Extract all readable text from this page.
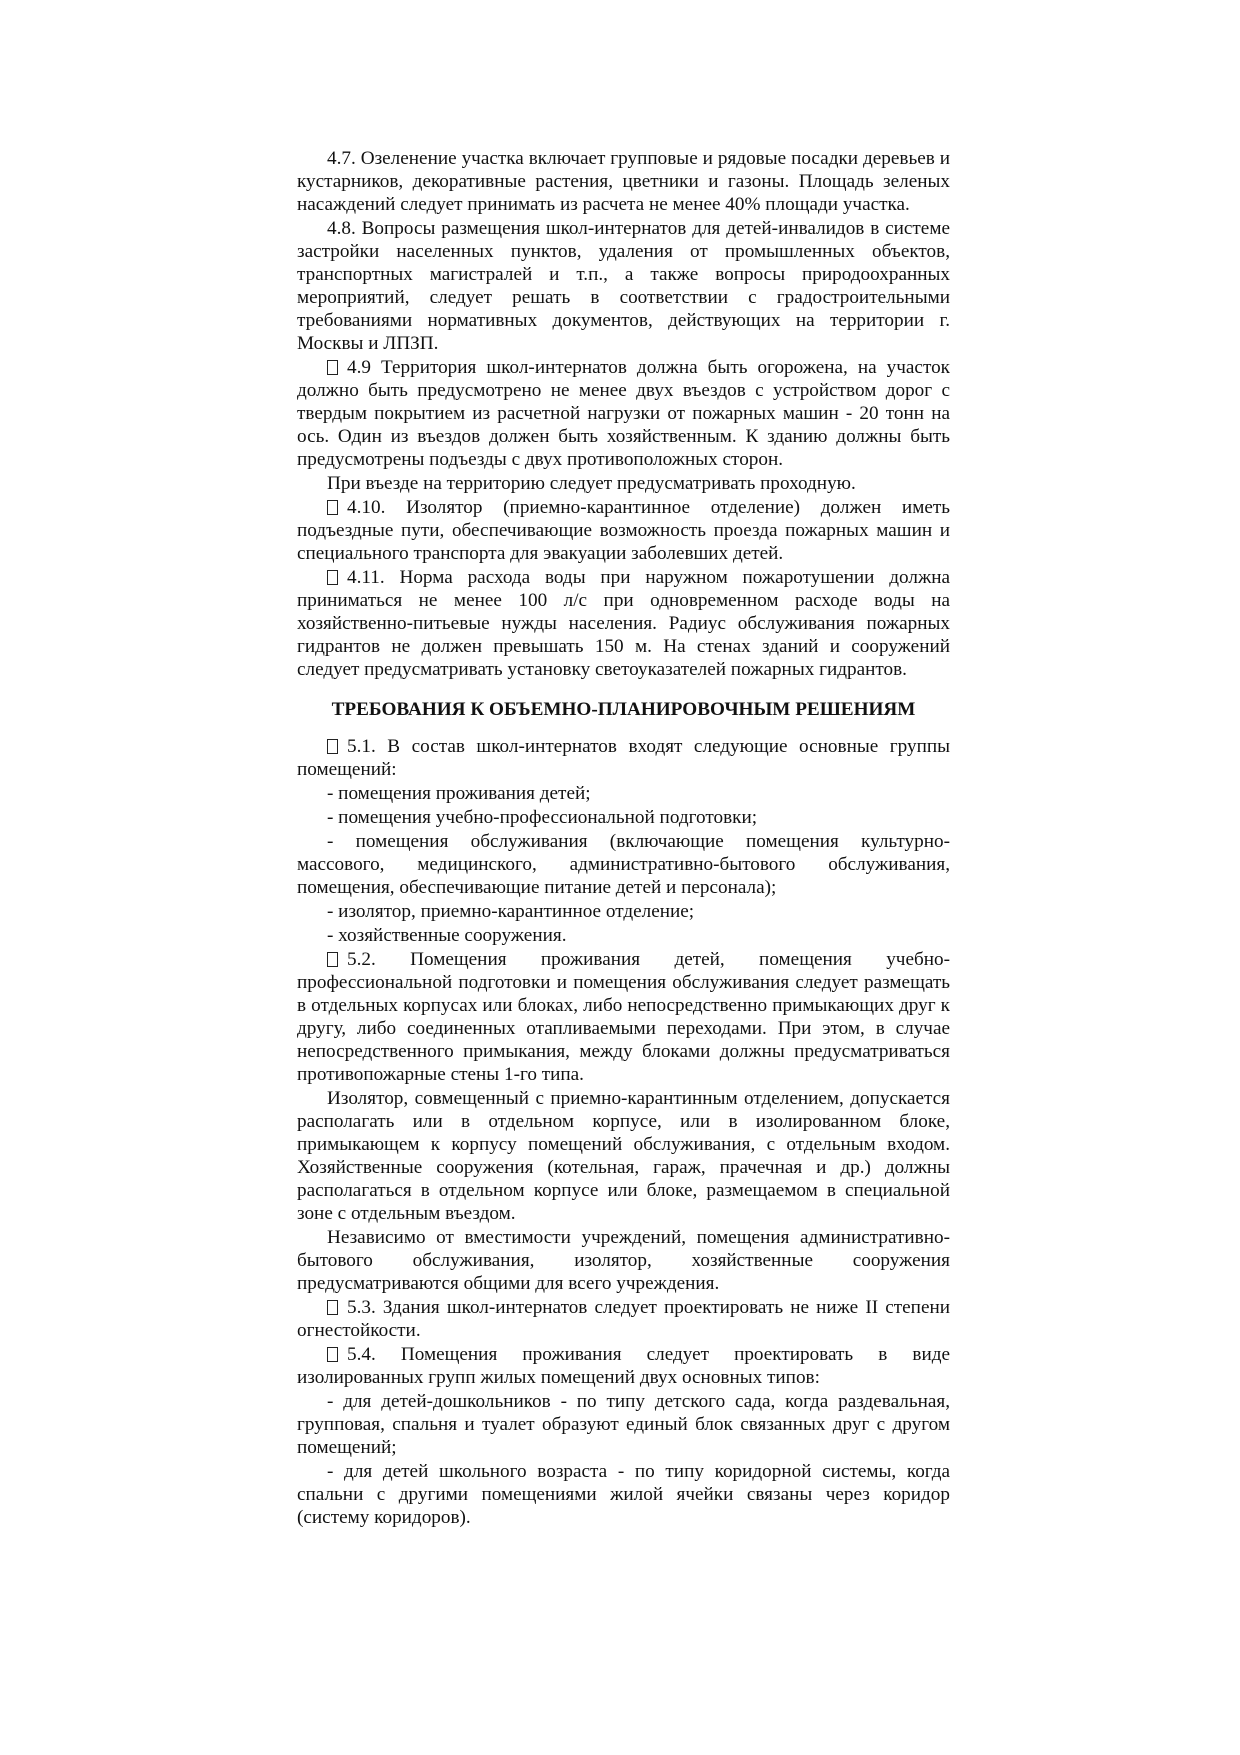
4.7. Озеленение участка включает групповые и рядовые посадки деревьев и кустарников, декоративные растения, цветники и газоны. Площадь зеленых насаждений следует принимать из расчета не менее 40% площади участка.

4.8. Вопросы размещения школ-интернатов для детей-инвалидов в системе застройки населенных пунктов, удаления от промышленных объектов, транспортных магистралей и т.п., а также вопросы природоохранных мероприятий, следует решать в соответствии с градостроительными требованиями нормативных документов, действующих на территории г. Москвы и ЛПЗП.

4.9 Территория школ-интернатов должна быть огорожена, на участок должно быть предусмотрено не менее двух въездов с устройством дорог с твердым покрытием из расчетной нагрузки от пожарных машин - 20 тонн на ось. Один из въездов должен быть хозяйственным. К зданию должны быть предусмотрены подъезды с двух противоположных сторон.

При въезде на территорию следует предусматривать проходную.

4.10. Изолятор (приемно-карантинное отделение) должен иметь подъездные пути, обеспечивающие возможность проезда пожарных машин и специального транспорта для эвакуации заболевших детей.

4.11. Норма расхода воды при наружном пожаротушении должна приниматься не менее 100 л/с при одновременном расходе воды на хозяйственно-питьевые нужды населения. Радиус обслуживания пожарных гидрантов не должен превышать 150 м. На стенах зданий и сооружений следует предусматривать установку светоуказателей пожарных гидрантов.

ТРЕБОВАНИЯ К ОБЪЕМНО-ПЛАНИРОВОЧНЫМ РЕШЕНИЯМ

5.1. В состав школ-интернатов входят следующие основные группы помещений:

- помещения проживания детей;

- помещения учебно-профессиональной подготовки;

- помещения обслуживания (включающие помещения культурно-массового, медицинского, административно-бытового обслуживания, помещения, обеспечивающие питание детей и персонала);

- изолятор, приемно-карантинное отделение;

- хозяйственные сооружения.

5.2. Помещения проживания детей, помещения учебно-профессиональной подготовки и помещения обслуживания следует размещать в отдельных корпусах или блоках, либо непосредственно примыкающих друг к другу, либо соединенных отапливаемыми переходами. При этом, в случае непосредственного примыкания, между блоками должны предусматриваться противопожарные стены 1-го типа.

Изолятор, совмещенный с приемно-карантинным отделением, допускается располагать или в отдельном корпусе, или в изолированном блоке, примыкающем к корпусу помещений обслуживания, с отдельным входом. Хозяйственные сооружения (котельная, гараж, прачечная и др.) должны располагаться в отдельном корпусе или блоке, размещаемом в специальной зоне с отдельным въездом.

Независимо от вместимости учреждений, помещения административно-бытового обслуживания, изолятор, хозяйственные сооружения предусматриваются общими для всего учреждения.

5.3. Здания школ-интернатов следует проектировать не ниже II степени огнестойкости.

5.4. Помещения проживания следует проектировать в виде изолированных групп жилых помещений двух основных типов:

- для детей-дошкольников - по типу детского сада, когда раздевальная, групповая, спальня и туалет образуют единый блок связанных друг с другом помещений;

- для детей школьного возраста - по типу коридорной системы, когда спальни с другими помещениями жилой ячейки связаны через коридор (систему коридоров).
